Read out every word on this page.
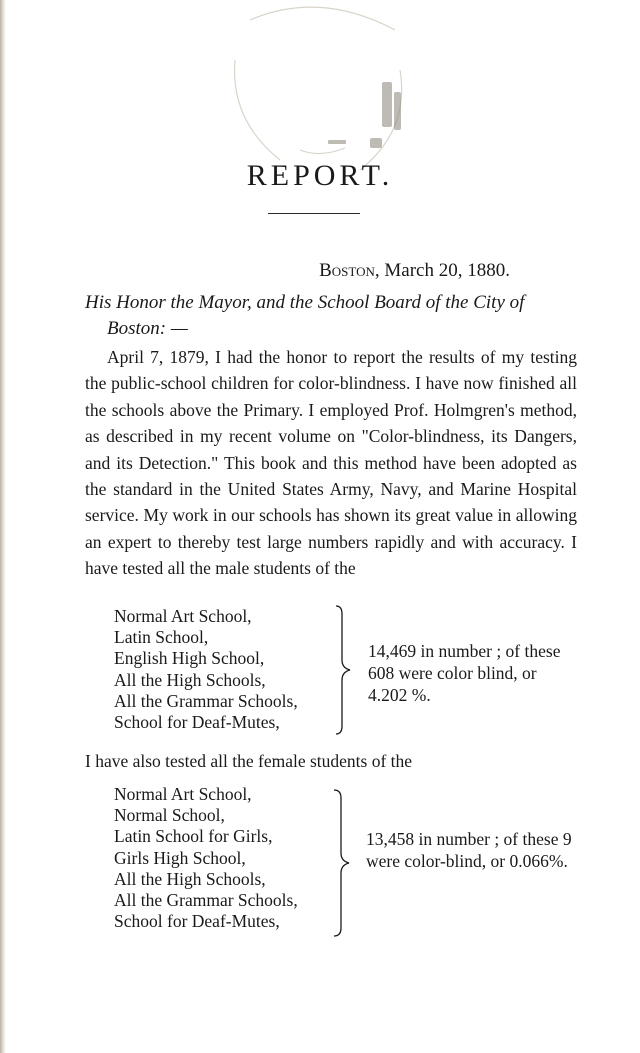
REPORT.
Boston, March 20, 1880.
His Honor the Mayor, and the School Board of the City of
Boston: —

April 7, 1879, I had the honor to report the results of my testing the public-school children for color-blindness. I have now finished all the schools above the Primary. I employed Prof. Holmgren's method, as described in my recent volume on "Color-blindness, its Dangers, and its Detection." This book and this method have been adopted as the standard in the United States Army, Navy, and Marine Hospital service. My work in our schools has shown its great value in allowing an expert to thereby test large numbers rapidly and with accuracy. I have tested all the male students of the

Normal Art School,
Latin School,
English High School,
All the High Schools,
All the Grammar Schools,
School for Deaf-Mutes,
14,469 in number ; of these 608 were color blind, or 4.202 %.
I have also tested all the female students of the
Normal Art School,
Normal School,
Latin School for Girls,
Girls High School,
All the High Schools,
All the Grammar Schools,
School for Deaf-Mutes,
13,458 in number ; of these 9 were color-blind, or 0.066%.
